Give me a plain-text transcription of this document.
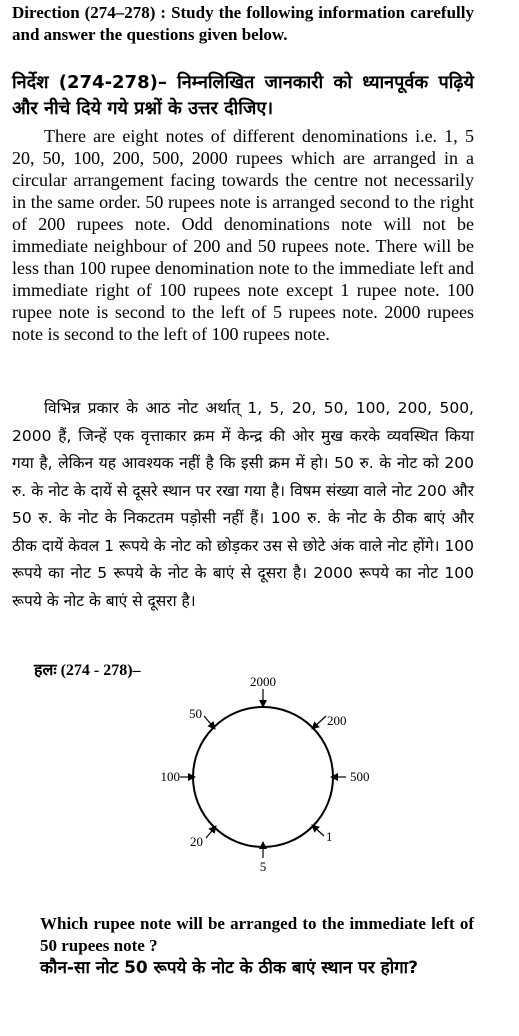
Direction (274–278) : Study the following information carefully and answer the questions given below.
निर्देश (274-278)– निम्नलिखित जानकारी को ध्यानपूर्वक पढ़िये और नीचे दिये गये प्रश्नों के उत्तर दीजिए।
There are eight notes of different denominations i.e. 1, 5 20, 50, 100, 200, 500, 2000 rupees which are arranged in a circular arrangement facing towards the centre not necessarily in the same order. 50 rupees note is arranged second to the right of 200 rupees note. Odd denominations note will not be immediate neighbour of 200 and 50 rupees note. There will be less than 100 rupee denomination note to the immediate left and immediate right of 100 rupees note except 1 rupee note. 100 rupee note is second to the left of 5 rupees note. 2000 rupees note is second to the left of 100 rupees note.
विभिन्न प्रकार के आठ नोट अर्थात् 1, 5, 20, 50, 100, 200, 500, 2000 हैं, जिन्हें एक वृत्ताकार क्रम में केन्द्र की ओर मुख करके व्यवस्थित किया गया है, लेकिन यह आवश्यक नहीं है कि इसी क्रम में हो। 50 रु. के नोट को 200 रु. के नोट के दायें से दूसरे स्थान पर रखा गया है। विषम संख्या वाले नोट 200 और 50 रु. के नोट के निकटतम पड़ोसी नहीं हैं। 100 रु. के नोट के ठीक बाएं और ठीक दायें केवल 1 रूपये के नोट को छोड़कर उस से छोटे अंक वाले नोट होंगे। 100 रूपये का नोट 5 रूपये के नोट के बाएं से दूसरा है। 2000 रूपये का नोट 100 रूपये के नोट के बाएं से दूसरा है।
हलः (274 - 278)–
2000
200
500
1
5
20
100
50
Which rupee note will be arranged to the immediate left of 50 rupees note ?
कौन-सा नोट 50 रूपये के नोट के ठीक बाएं स्थान पर होगा?
